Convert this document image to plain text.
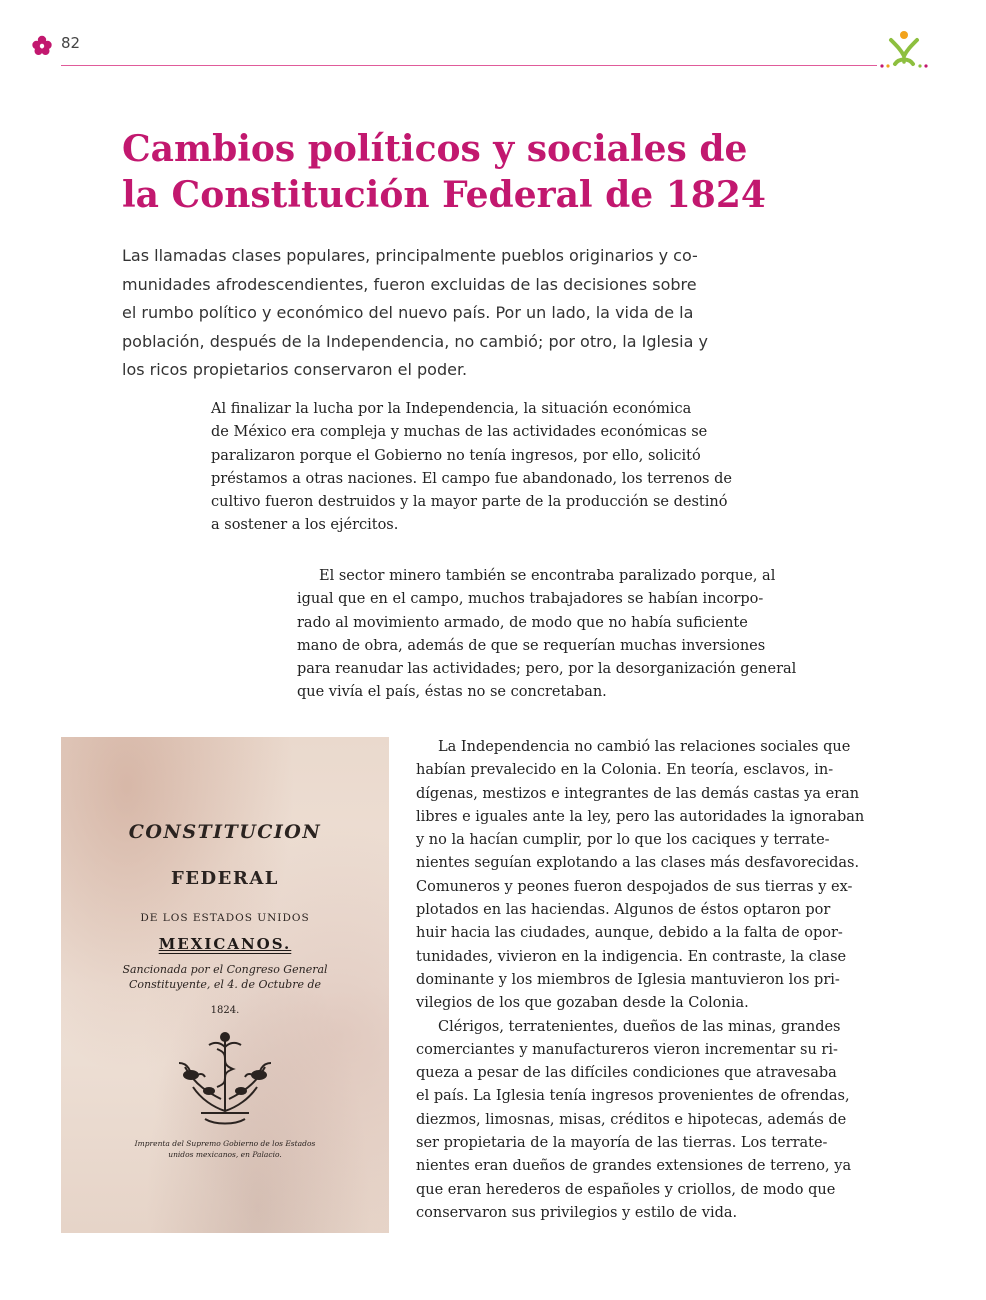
82
Cambios políticos y sociales de
la Constitución Federal de 1824

Las llamadas clases populares, principalmente pueblos originarios y co-
munidades afrodescendientes, fueron excluidas de las decisiones sobre
el rumbo político y económico del nuevo país. Por un lado, la vida de la
población, después de la Independencia, no cambió; por otro, la Iglesia y
los ricos propietarios conservaron el poder.

Al finalizar la lucha por la Independencia, la situación económica
de México era compleja y muchas de las actividades económicas se
paralizaron porque el Gobierno no tenía ingresos, por ello, solicitó
préstamos a otras naciones. El campo fue abandonado, los terrenos de
cultivo fueron destruidos y la mayor parte de la producción se destinó
a sostener a los ejércitos.

El sector minero también se encontraba paralizado porque, al
igual que en el campo, muchos trabajadores se habían incorpo-
rado al movimiento armado, de modo que no había suficiente
mano de obra, además de que se requerían muchas inversiones
para reanudar las actividades; pero, por la desorganización general
que vivía el país, éstas no se concretaban.

CONSTITUCION
FEDERAL
DE LOS ESTADOS UNIDOS
MEXICANOS.
Sancionada por el Congreso General
Constituyente, el 4. de Octubre de
1824.
Imprenta del Supremo Gobierno de los Estados
unidos mexicanos, en Palacio.

La Independencia no cambió las relaciones sociales que
habían prevalecido en la Colonia. En teoría, esclavos, in-
dígenas, mestizos e integrantes de las demás castas ya eran
libres e iguales ante la ley, pero las autoridades la ignoraban
y no la hacían cumplir, por lo que los caciques y terrate-
nientes seguían explotando a las clases más desfavorecidas.
Comuneros y peones fueron despojados de sus tierras y ex-
plotados en las haciendas. Algunos de éstos optaron por
huir hacia las ciudades, aunque, debido a la falta de opor-
tunidades, vivieron en la indigencia. En contraste, la clase
dominante y los miembros de Iglesia mantuvieron los pri-
vilegios de los que gozaban desde la Colonia.
Clérigos, terratenientes, dueños de las minas, grandes
comerciantes y manufactureros vieron incrementar su ri-
queza a pesar de las difíciles condiciones que atravesaba
el país. La Iglesia tenía ingresos provenientes de ofrendas,
diezmos, limosnas, misas, créditos e hipotecas, además de
ser propietaria de la mayoría de las tierras. Los terrate-
nientes eran dueños de grandes extensiones de terreno, ya
que eran herederos de españoles y criollos, de modo que
conservaron sus privilegios y estilo de vida.
